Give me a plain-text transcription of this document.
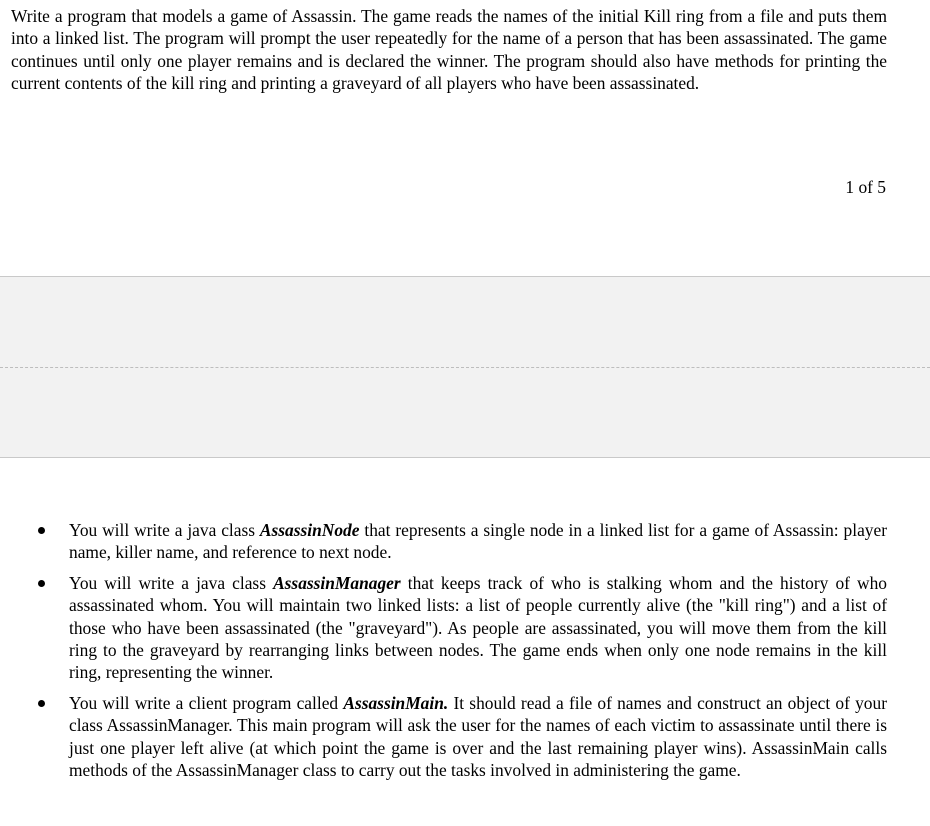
Write a program that models a game of Assassin. The game reads the names of the initial Kill ring from a file and puts them into a linked list. The program will prompt the user repeatedly for the name of a person that has been assassinated. The game continues until only one player remains and is declared the winner. The program should also have methods for printing the current contents of the kill ring and printing a graveyard of all players who have been assassinated.

1 of 5
You will write a java class AssassinNode that represents a single node in a linked list for a game of Assassin: player name, killer name, and reference to next node.
You will write a java class AssassinManager that keeps track of who is stalking whom and the history of who assassinated whom. You will maintain two linked lists: a list of people currently alive (the "kill ring") and a list of those who have been assassinated (the "graveyard"). As people are assassinated, you will move them from the kill ring to the graveyard by rearranging links between nodes. The game ends when only one node remains in the kill ring, representing the winner.
You will write a client program called AssassinMain. It should read a file of names and construct an object of your class AssassinManager. This main program will ask the user for the names of each victim to assassinate until there is just one player left alive (at which point the game is over and the last remaining player wins). AssassinMain calls methods of the AssassinManager class to carry out the tasks involved in administering the game.
